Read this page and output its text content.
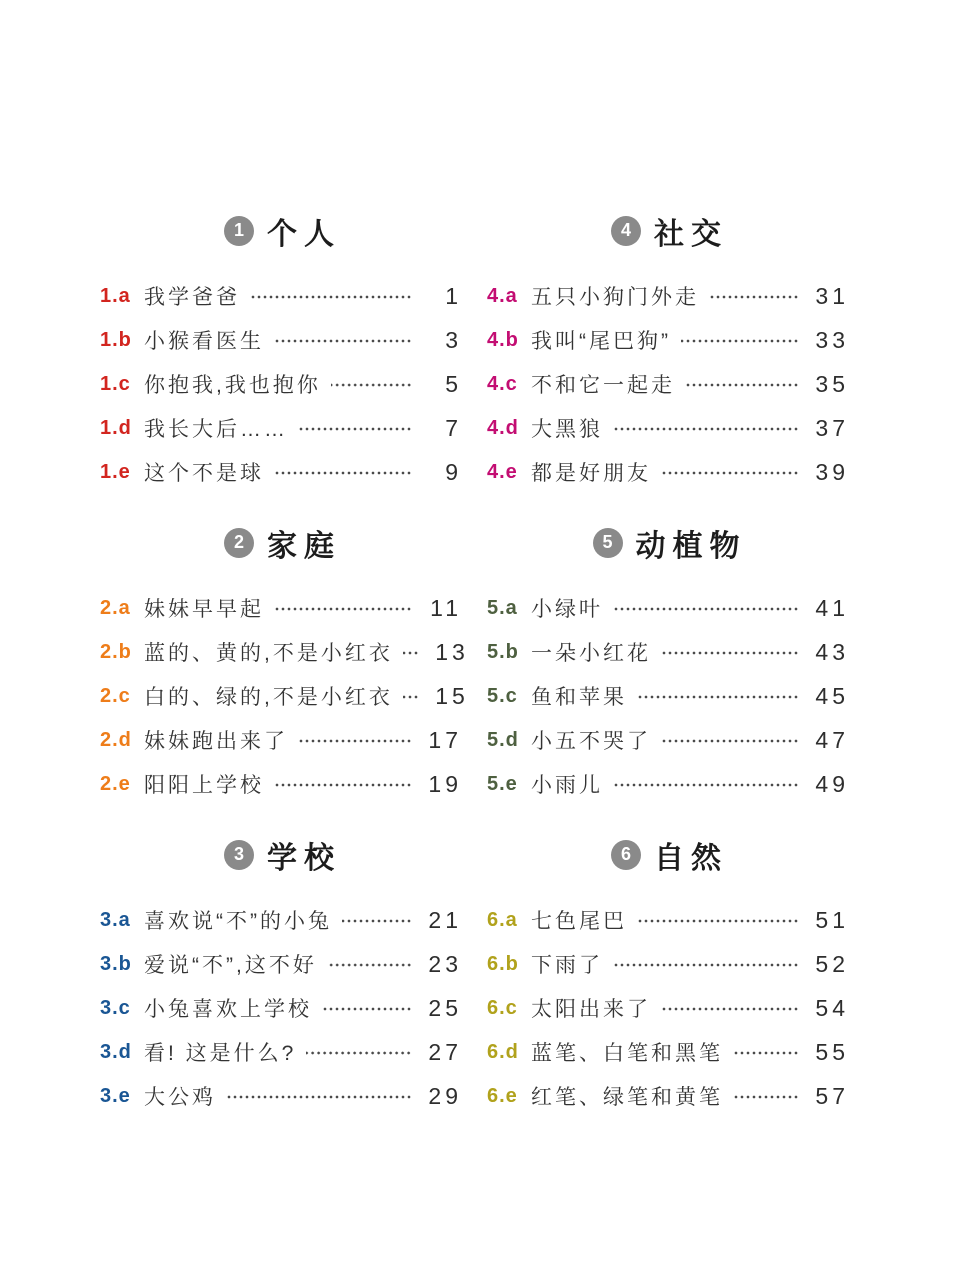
1 个人
1.a 我学爸爸	1
1.b 小猴看医生	3
1.c 你抱我,我也抱你	5
1.d 我长大后……	7
1.e 这个不是球	9
2 家庭
2.a 妹妹早早起	11
2.b 蓝的、黄的,不是小红衣 13
2.c 白的、绿的,不是小红衣 15
2.d 妹妹跑出来了	17
2.e 阳阳上学校	19
3 学校
3.a 喜欢说“不”的小兔	21
3.b 爱说“不”,这不好	23
3.c 小兔喜欢上学校	25
3.d 看! 这是什么?	27
3.e 大公鸡	29
4 社交
4.a 五只小狗门外走	31
4.b 我叫“尾巴狗”	33
4.c 不和它一起走	35
4.d 大黑狼	37
4.e 都是好朋友	39
5 动植物
5.a 小绿叶	41
5.b 一朵小红花	43
5.c 鱼和苹果	45
5.d 小五不哭了	47
5.e 小雨儿	49
6 自然
6.a 七色尾巴	51
6.b 下雨了	52
6.c 太阳出来了	54
6.d 蓝笔、白笔和黑笔	55
6.e 红笔、绿笔和黄笔	57
